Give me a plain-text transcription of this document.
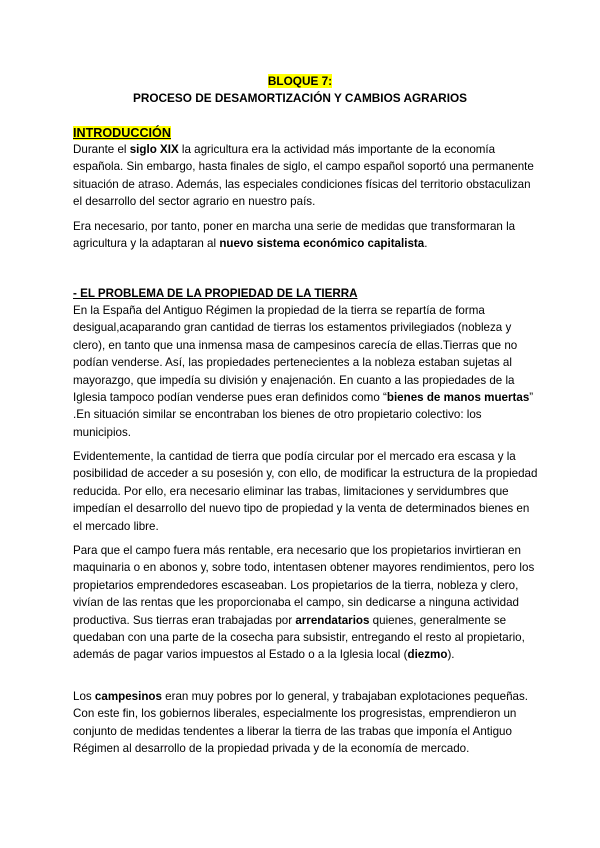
BLOQUE 7:
PROCESO DE DESAMORTIZACIÓN Y CAMBIOS AGRARIOS
INTRODUCCIÓN

Durante el siglo XIX la agricultura era la actividad más importante de la economía española. Sin embargo, hasta finales de siglo, el campo español soportó una permanente situación de atraso. Además, las especiales condiciones físicas del territorio obstaculizan el desarrollo del sector agrario en nuestro país.

Era necesario, por tanto, poner en marcha una serie de medidas que transformaran la agricultura y la adaptaran al nuevo sistema económico capitalista.

- EL PROBLEMA DE LA PROPIEDAD DE LA TIERRA

En la España del Antiguo Régimen la propiedad de la tierra se repartía de forma desigual,acaparando gran cantidad de tierras los estamentos privilegiados (nobleza y clero), en tanto que una inmensa masa de campesinos carecía de ellas.Tierras que no podían venderse. Así, las propiedades pertenecientes a la nobleza estaban sujetas al mayorazgo, que impedía su división y enajenación. En cuanto a las propiedades de la Iglesia tampoco podían venderse pues eran definidos como “bienes de manos muertas” .En situación similar se encontraban los bienes de otro propietario colectivo: los municipios.

Evidentemente, la cantidad de tierra que podía circular por el mercado era escasa y la posibilidad de acceder a su posesión y, con ello, de modificar la estructura de la propiedad reducida. Por ello, era necesario eliminar las trabas, limitaciones y servidumbres que impedían el desarrollo del nuevo tipo de propiedad y la venta de determinados bienes en el mercado libre.

Para que el campo fuera más rentable, era necesario que los propietarios invirtieran en maquinaria o en abonos y, sobre todo, intentasen obtener mayores rendimientos, pero los propietarios emprendedores escaseaban. Los propietarios de la tierra, nobleza y clero, vivían de las rentas que les proporcionaba el campo, sin dedicarse a ninguna actividad productiva. Sus tierras eran trabajadas por arrendatarios quienes, generalmente se quedaban con una parte de la cosecha para subsistir, entregando el resto al propietario, además de pagar varios impuestos al Estado o a la Iglesia local (diezmo).

Los campesinos eran muy pobres por lo general, y trabajaban explotaciones pequeñas. Con este fin, los gobiernos liberales, especialmente los progresistas, emprendieron un conjunto de medidas tendentes a liberar la tierra de las trabas que imponía el Antiguo Régimen al desarrollo de la propiedad privada y de la economía de mercado.
